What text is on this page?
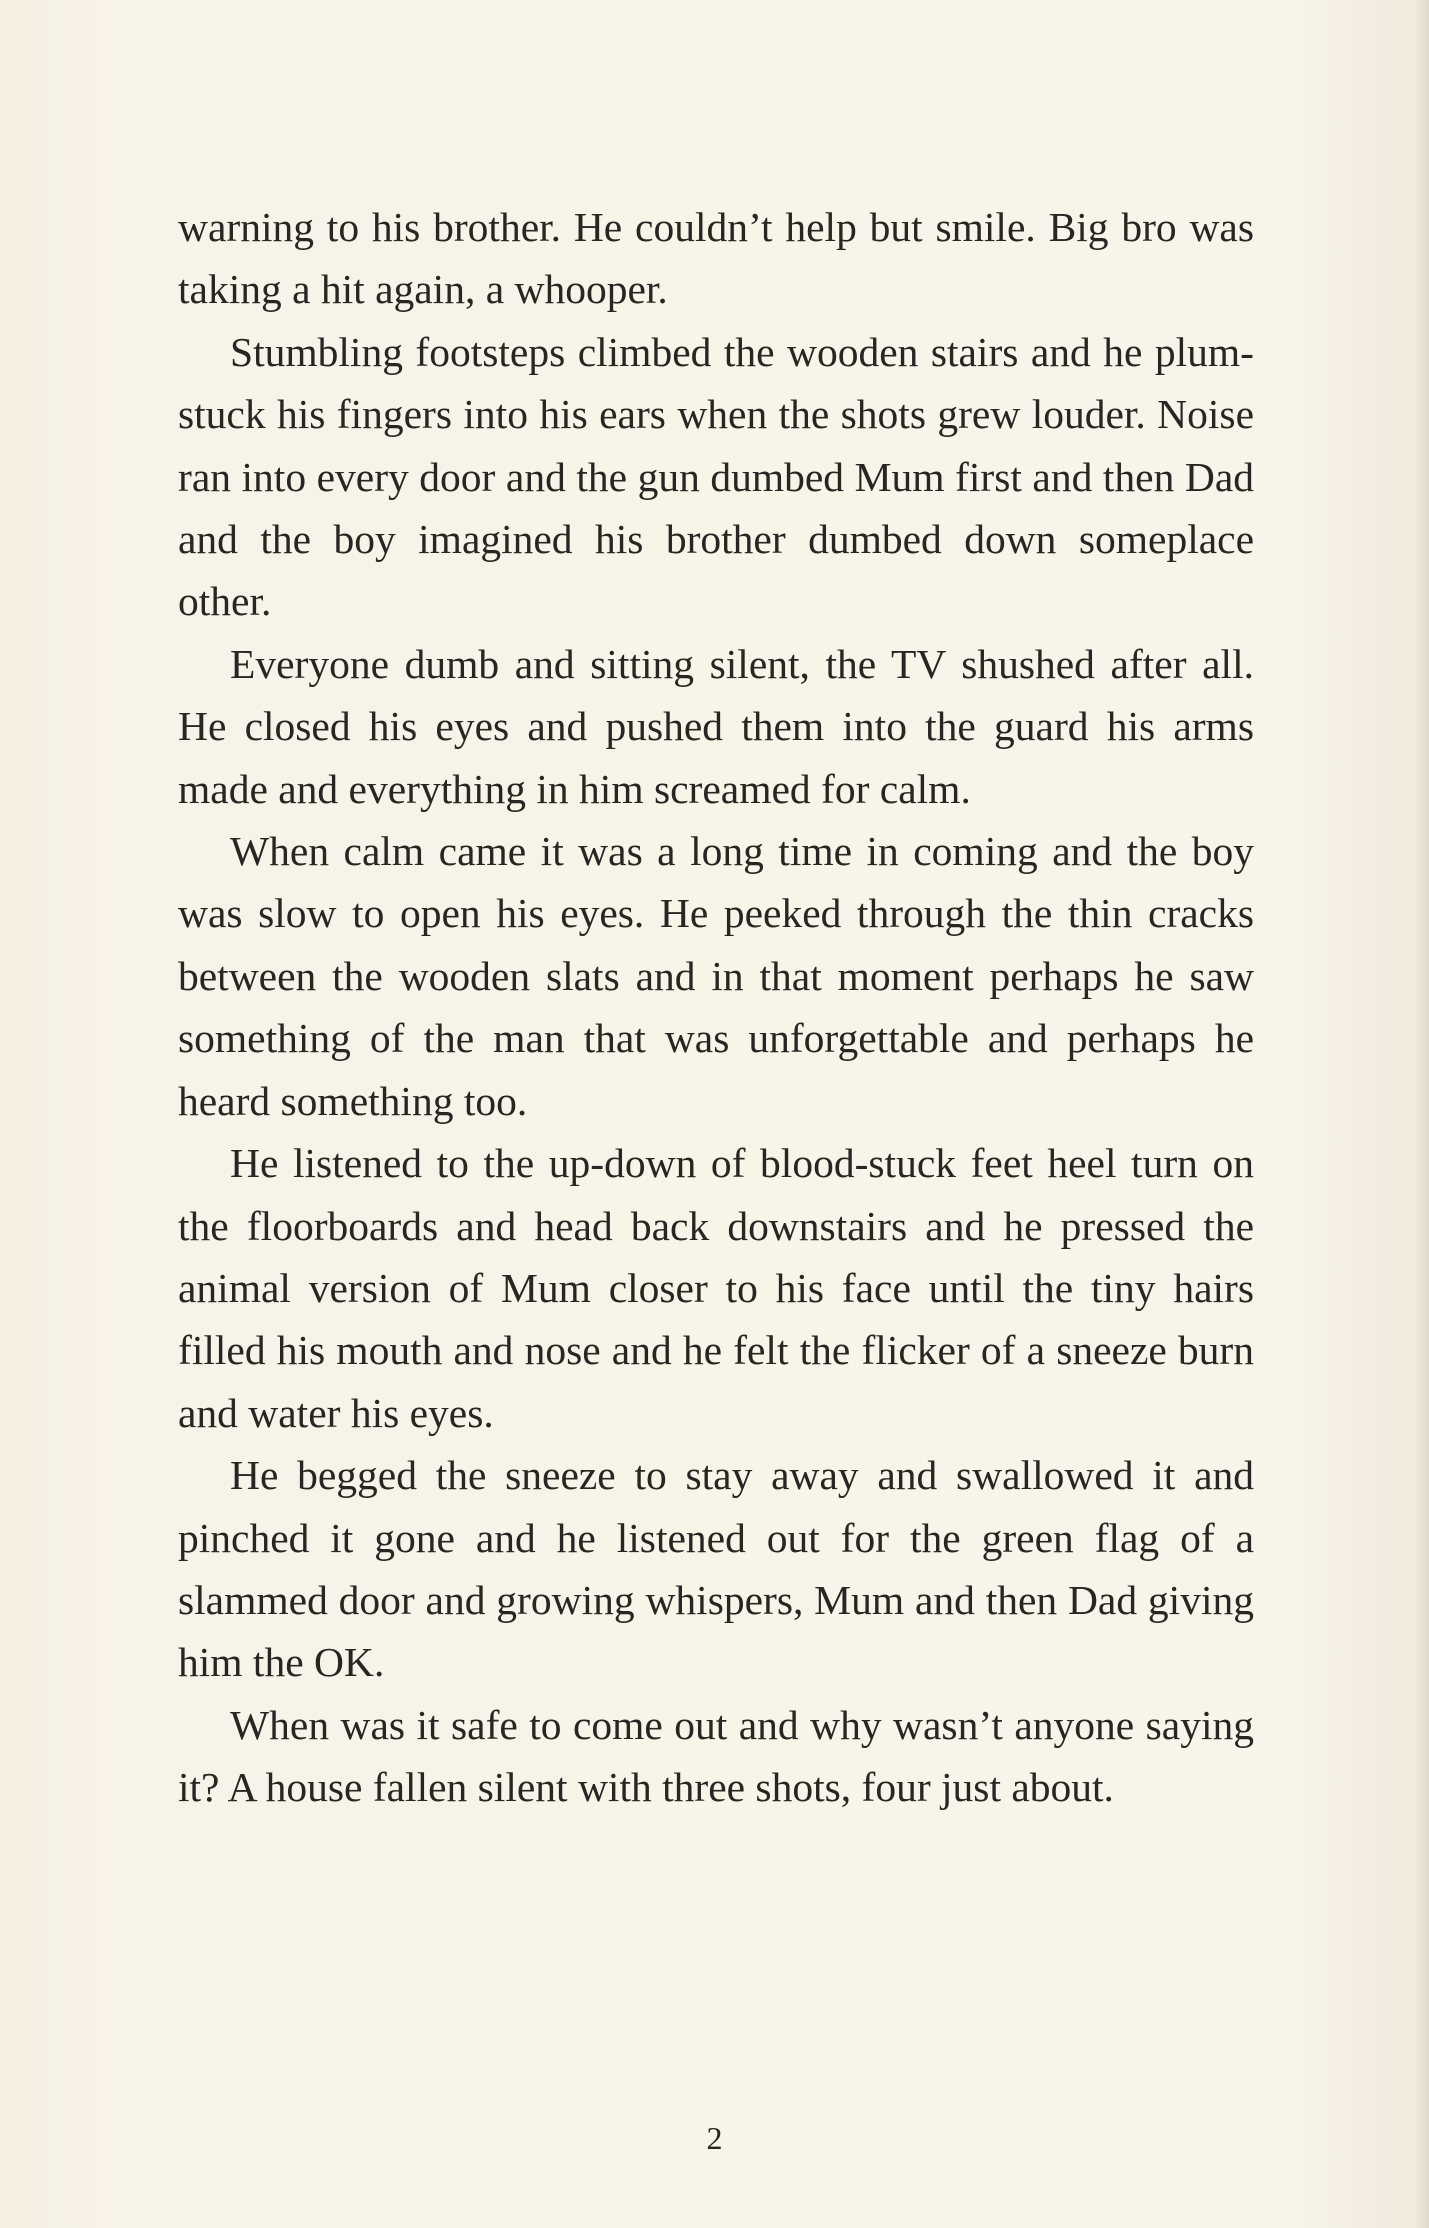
warning to his brother. He couldn’t help but smile. Big bro was taking a hit again, a whooper.

Stumbling footsteps climbed the wooden stairs and he plum-stuck his fingers into his ears when the shots grew louder. Noise ran into every door and the gun dumbed Mum first and then Dad and the boy imagined his brother dumbed down someplace other.

Everyone dumb and sitting silent, the TV shushed after all. He closed his eyes and pushed them into the guard his arms made and everything in him screamed for calm.

When calm came it was a long time in coming and the boy was slow to open his eyes. He peeked through the thin cracks between the wooden slats and in that moment perhaps he saw something of the man that was unforgettable and perhaps he heard something too.

He listened to the up-down of blood-stuck feet heel turn on the floorboards and head back downstairs and he pressed the animal version of Mum closer to his face until the tiny hairs filled his mouth and nose and he felt the flicker of a sneeze burn and water his eyes.

He begged the sneeze to stay away and swallowed it and pinched it gone and he listened out for the green flag of a slammed door and growing whispers, Mum and then Dad giving him the OK.

When was it safe to come out and why wasn’t anyone saying it? A house fallen silent with three shots, four just about.

2
